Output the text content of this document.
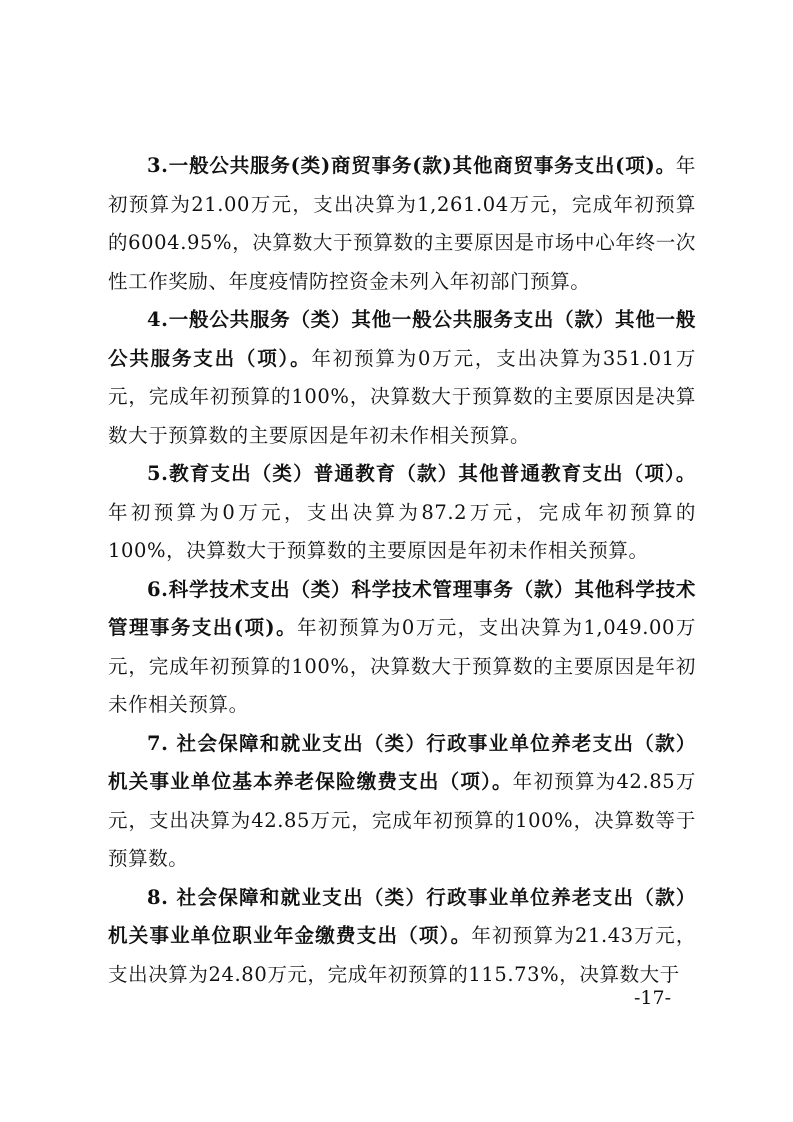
3.一般公共服务(类)商贸事务(款)其他商贸事务支出(项)。年初预算为21.00万元，支出决算为1,261.04万元，完成年初预算的6004.95%，决算数大于预算数的主要原因是市场中心年终一次性工作奖励、年度疫情防控资金未列入年初部门预算。

4.一般公共服务（类）其他一般公共服务支出（款）其他一般公共服务支出（项）。年初预算为0万元，支出决算为351.01万元，完成年初预算的100%，决算数大于预算数的主要原因是决算数大于预算数的主要原因是年初未作相关预算。

5.教育支出（类）普通教育（款）其他普通教育支出（项）。年初预算为0万元，支出决算为87.2万元，完成年初预算的100%，决算数大于预算数的主要原因是年初未作相关预算。

6.科学技术支出（类）科学技术管理事务（款）其他科学技术管理事务支出(项)。年初预算为0万元，支出决算为1,049.00万元，完成年初预算的100%，决算数大于预算数的主要原因是年初未作相关预算。

7. 社会保障和就业支出（类）行政事业单位养老支出（款）机关事业单位基本养老保险缴费支出（项）。年初预算为42.85万元，支出决算为42.85万元，完成年初预算的100%，决算数等于预算数。

8. 社会保障和就业支出（类）行政事业单位养老支出（款）机关事业单位职业年金缴费支出（项）。年初预算为21.43万元，支出决算为24.80万元，完成年初预算的115.73%，决算数大于

-17-
